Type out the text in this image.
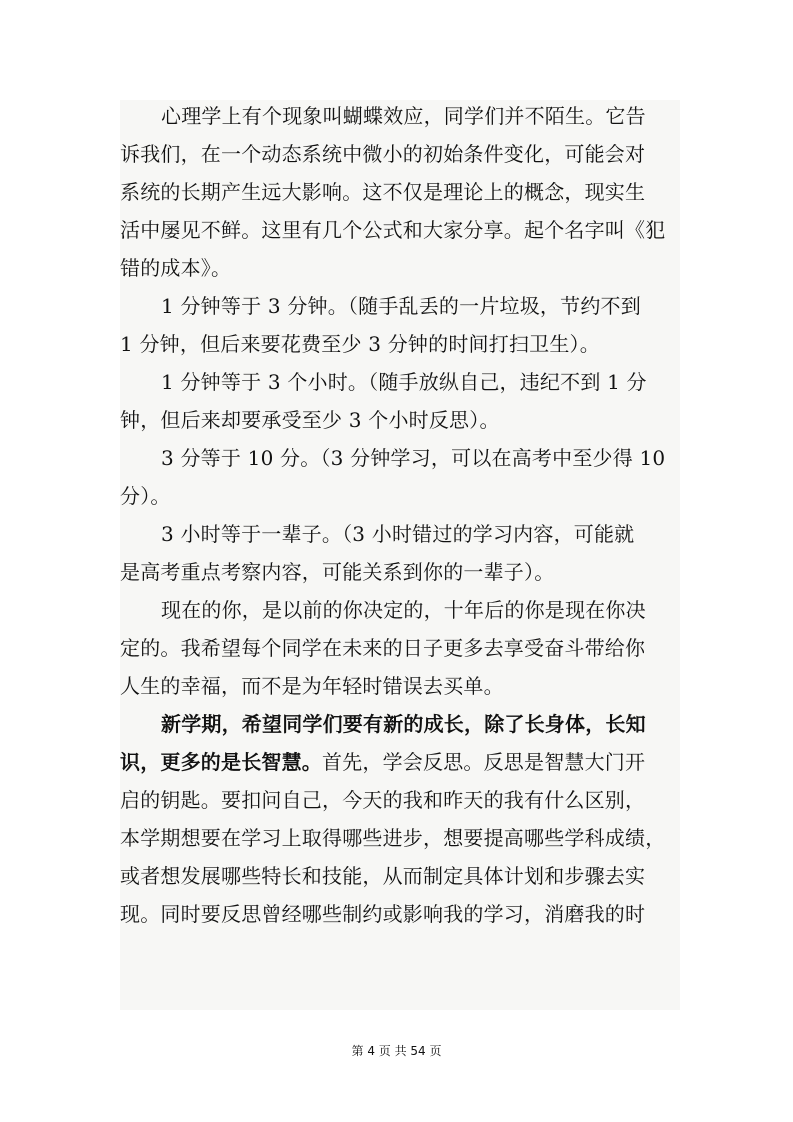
心理学上有个现象叫蝴蝶效应，同学们并不陌生。它告
诉我们，在一个动态系统中微小的初始条件变化，可能会对
系统的长期产生远大影响。这不仅是理论上的概念，现实生
活中屡见不鲜。这里有几个公式和大家分享。起个名字叫《犯
错的成本》。
1 分钟等于 3 分钟。（随手乱丢的一片垃圾，节约不到
1 分钟，但后来要花费至少 3 分钟的时间打扫卫生）。
1 分钟等于 3 个小时。（随手放纵自己，违纪不到 1 分
钟，但后来却要承受至少 3 个小时反思）。
3 分等于 10 分。（3 分钟学习，可以在高考中至少得 10
分）。
3 小时等于一辈子。（3 小时错过的学习内容，可能就
是高考重点考察内容，可能关系到你的一辈子）。
现在的你，是以前的你决定的，十年后的你是现在你决
定的。我希望每个同学在未来的日子更多去享受奋斗带给你
人生的幸福，而不是为年轻时错误去买单。
新学期，希望同学们要有新的成长，除了长身体，长知
识，更多的是长智慧。首先，学会反思。反思是智慧大门开
启的钥匙。要扣问自己，今天的我和昨天的我有什么区别，
本学期想要在学习上取得哪些进步，想要提高哪些学科成绩，
或者想发展哪些特长和技能，从而制定具体计划和步骤去实
现。同时要反思曾经哪些制约或影响我的学习，消磨我的时
第 4 页 共 54 页
